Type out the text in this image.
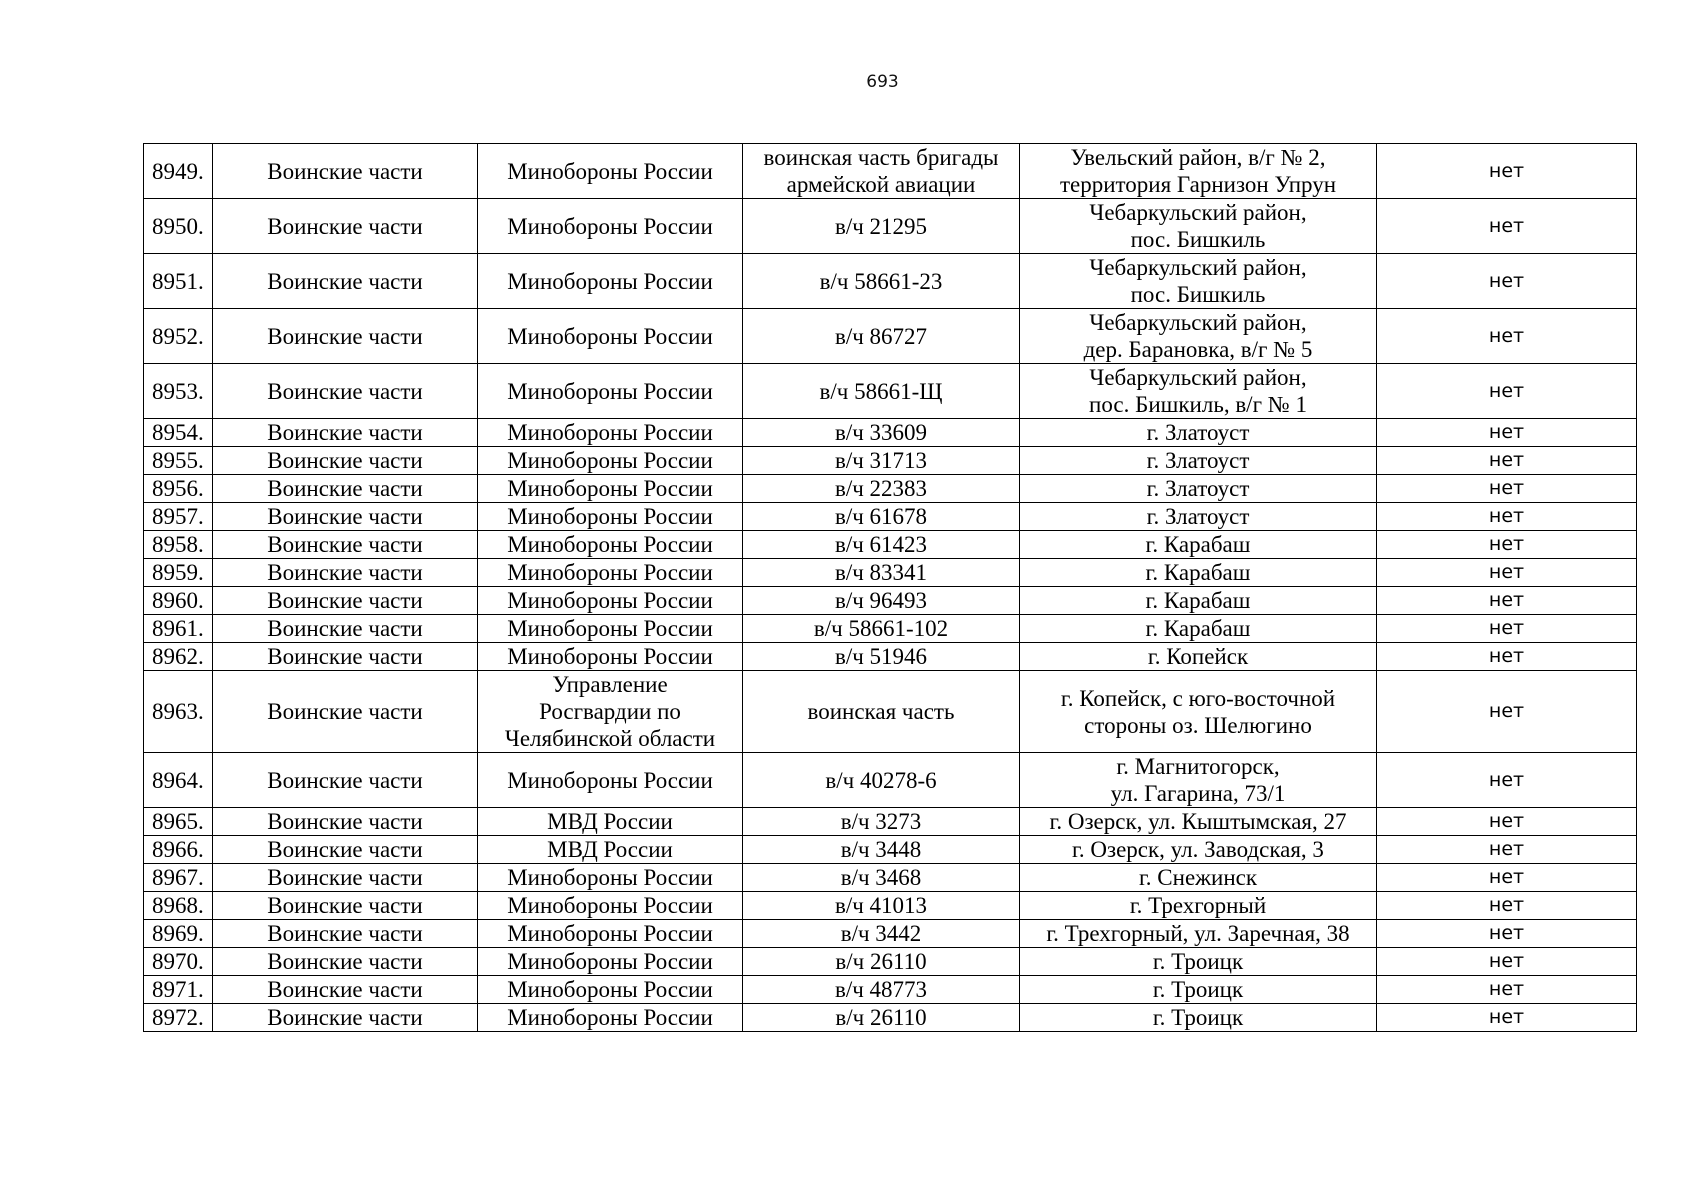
693
8949.	Воинские части	Минобороны России	воинская часть бригады
армейской авиации	Увельский район, в/г № 2,
территория Гарнизон Упрун	нет
8950.	Воинские части	Минобороны России	в/ч 21295	Чебаркульский район,
пос. Бишкиль	нет
8951.	Воинские части	Минобороны России	в/ч 58661-23	Чебаркульский район,
пос. Бишкиль	нет
8952.	Воинские части	Минобороны России	в/ч 86727	Чебаркульский район,
дер. Барановка, в/г № 5	нет
8953.	Воинские части	Минобороны России	в/ч 58661-Щ	Чебаркульский район,
пос. Бишкиль, в/г № 1	нет
8954.	Воинские части	Минобороны России	в/ч 33609	г. Златоуст	нет
8955.	Воинские части	Минобороны России	в/ч 31713	г. Златоуст	нет
8956.	Воинские части	Минобороны России	в/ч 22383	г. Златоуст	нет
8957.	Воинские части	Минобороны России	в/ч 61678	г. Златоуст	нет
8958.	Воинские части	Минобороны России	в/ч 61423	г. Карабаш	нет
8959.	Воинские части	Минобороны России	в/ч 83341	г. Карабаш	нет
8960.	Воинские части	Минобороны России	в/ч 96493	г. Карабаш	нет
8961.	Воинские части	Минобороны России	в/ч 58661-102	г. Карабаш	нет
8962.	Воинские части	Минобороны России	в/ч 51946	г. Копейск	нет
8963.	Воинские части	Управление
Росгвардии по
Челябинской области	воинская часть	г. Копейск, с юго-восточной
стороны оз. Шелюгино	нет
8964.	Воинские части	Минобороны России	в/ч 40278-6	г. Магнитогорск,
ул. Гагарина, 73/1	нет
8965.	Воинские части	МВД России	в/ч 3273	г. Озерск, ул. Кыштымская, 27	нет
8966.	Воинские части	МВД России	в/ч 3448	г. Озерск, ул. Заводская, 3	нет
8967.	Воинские части	Минобороны России	в/ч 3468	г. Снежинск	нет
8968.	Воинские части	Минобороны России	в/ч 41013	г. Трехгорный	нет
8969.	Воинские части	Минобороны России	в/ч 3442	г. Трехгорный, ул. Заречная, 38	нет
8970.	Воинские части	Минобороны России	в/ч 26110	г. Троицк	нет
8971.	Воинские части	Минобороны России	в/ч 48773	г. Троицк	нет
8972.	Воинские части	Минобороны России	в/ч 26110	г. Троицк	нет
